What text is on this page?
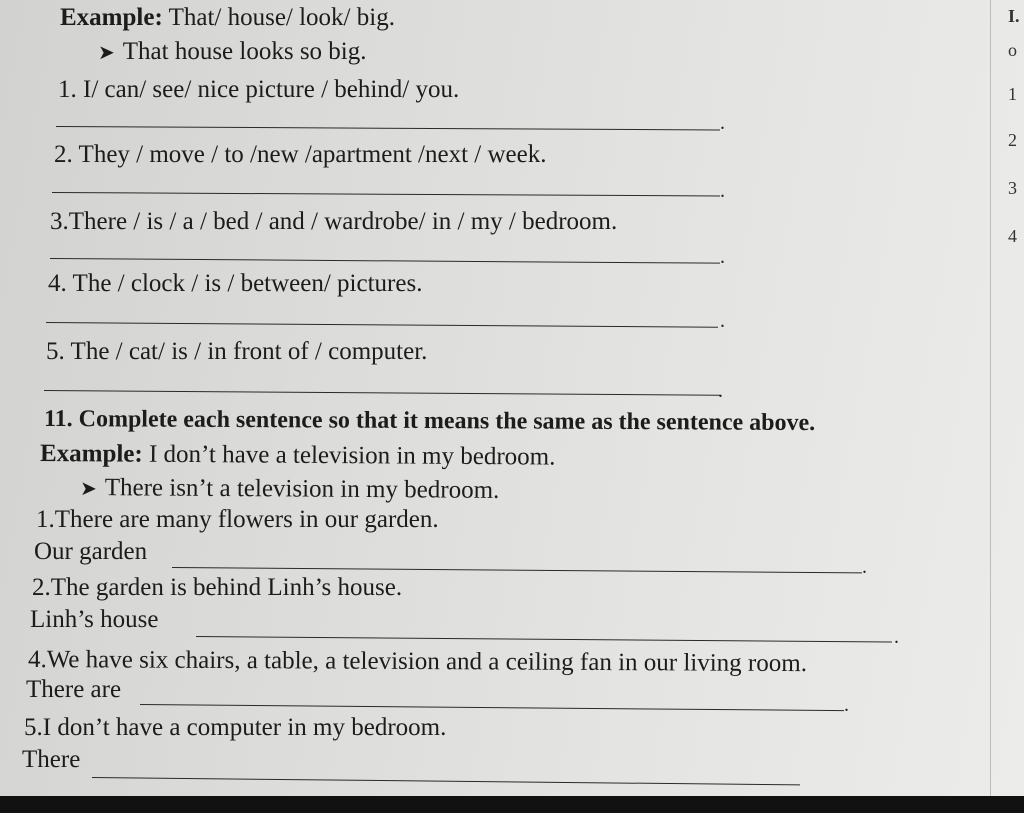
I.
o
1
2
3
4
Example: That/ house/ look/ big.
➤ That house looks so big.
1. I/ can/ see/ nice picture / behind/ you.
.
2. They / move / to /new /apartment /next / week.
.
3.There / is / a / bed / and / wardrobe/ in / my / bedroom.
.
4. The / clock / is / between/ pictures.
.
5. The / cat/ is / in front of / computer.
.
11. Complete each sentence so that it means the same as the sentence above.
Example: I don’t have a television in my bedroom.
➤ There isn’t a television in my bedroom.
1.There are many flowers in our garden.
Our garden
.
2.The garden is behind Linh’s house.
Linh’s house
.
4.We have six chairs, a table, a television and a ceiling fan in our living room.
There are
.
5.I don’t have a computer in my bedroom.
There
